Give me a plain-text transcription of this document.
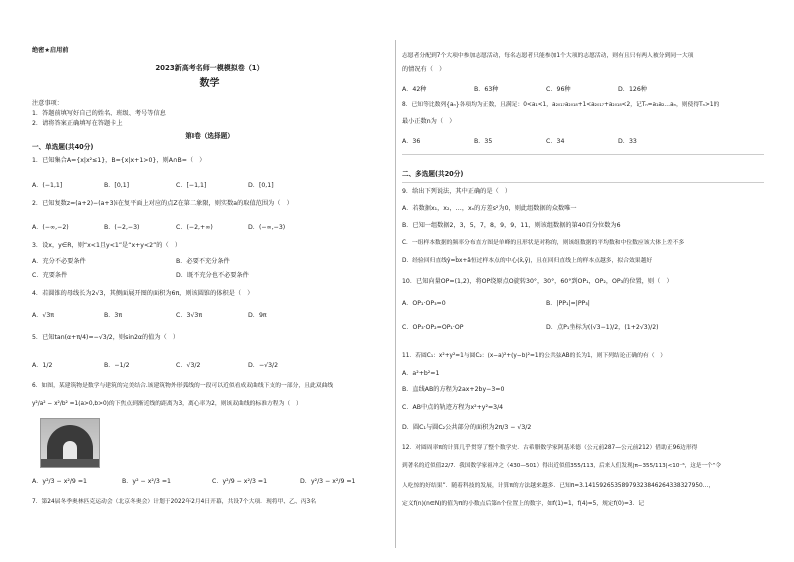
绝密★启用前
2023新高考名师一模模拟卷（1）
数学
注意事项：
1．答题前填写好自己的姓名、班级、考号等信息
2．请将答案正确填写在答题卡上
第Ⅰ卷（选择题）
一、单选题(共40分)
1．已知集合A={x|x²≤1}，B={x|x+1>0}，则A∩B=（　）
A．(−1,1]	B．[0,1]	C．[−1,1]	D．[0,1]
2．已知复数z=(a+2)−(a+3)i在复平面上对应的点Z在第二象限，则实数a的取值范围为（　）
A．(−∞,−2)	B．(−2,−3)	C．(−2,+∞)	D．(−∞,−3)
3．设x，y∈R，则“x<1且y<1”是“x+y<2”的（　）
A．充分不必要条件	B．必要不充分条件
C．充要条件	D．既不充分也不必要条件
4．若圆锥的母线长为2√3，其侧面展开图的面积为6π，则该圆锥的体积是（　）
A．√3π	B．3π	C．3√3π	D．9π
5．已知tan(α+π/4)=−√3/2，则sin2α的值为（　）
A．1/2	B．−1/2	C．√3/2	D．−√3/2
6．如图，某建筑物是数学与建筑的完美结合.该建筑物外形弧线的一段可以近似看成双曲线下支的一部分，且此双曲线
y²/a² − x²/b² =1(a>0,b>0)的下焦点到渐近线的距离为3，离心率为2，则该双曲线的标准方程为（　）
A．y²/3 − x²/9 =1	B．y² − x²/3 =1	C．y²/9 − x²/3 =1	D．y²/3 − x²/9 =1
7．第24届冬季奥林匹克运动会（北京冬奥会）计划于2022年2月4日开幕，共设7个大项．现将甲、乙、丙3名
志愿者分配到7个大项中参加志愿活动，每名志愿者只能参加1个大项的志愿活动，则有且只有两人被分到同一大项
的情况有（　）
A．42种	B．63种	C．96种	D．126种
8．已知等比数列{aₙ}各项均为正数，且满足：0<a₁<1，a₂₀₁₇a₂₀₁₈+1<a₂₀₁₇+a₂₀₁₈<2，记Tₙ=a₁a₂…aₙ，则使得Tₙ>1的
最小正数n为（　）
A．36	B．35	C．34	D．33
二、多选题(共20分)
9．给出下列说法，其中正确的是（　）
A．若数据x₁，x₂，…，xₙ的方差s²为0，则此组数据的众数唯一
B．已知一组数据2，3，5，7，8，9，9，11，则该组数据的第40百分位数为6
C．一组样本数据的频率分布直方图是单峰的且形状是对称的，则该组数据的平均数和中位数应该大体上差不多
D．经验回归直线ŷ=b̂x+â恒过样本点的中心(x̄,ȳ)，且在回归直线上的样本点越多，拟合效果越好
10．已知向量OP=(1,2)，将OP绕原点O旋转30°，30°，60°到OP₁，OP₂，OP₃的位置，则（　）
A．OP₁·OP₃=0	B．|PP₁|=|PP₃|
C．OP₃·OP₂=OP₁·OP	D．点P₁坐标为((√3−1)/2，(1+2√3)/2)
11．若圆C₁：x²+y²=1与圆C₂：(x−a)²+(y−b)²=1的公共弦AB的长为1，则下列结论正确的有（　）
A．a²+b²=1
B．直线AB的方程为2ax+2by−3=0
C．AB中点的轨迹方程为x²+y²=3/4
D．圆C₁与圆C₂公共部分的面积为2π/3 − √3/2
12．对圆周率π的计算几乎贯穿了整个数学史．古希腊数学家阿基米德（公元前287—公元前212）借助正96边形得
到著名的近似值22/7．我国数学家祖冲之（430—501）得出近似值355/113，后来人们发现|π−355/113|<10⁻⁶，这是一个“令
人吃惊的好结果”．随着科技的发展，计算π的方法越来越多．已知π=3.14159265358979323846264338327950…，
定义f(n)(n∈N)的值为π的小数点后第n个位置上的数字，如f(1)=1，f(4)=5，规定f(0)=3．记
